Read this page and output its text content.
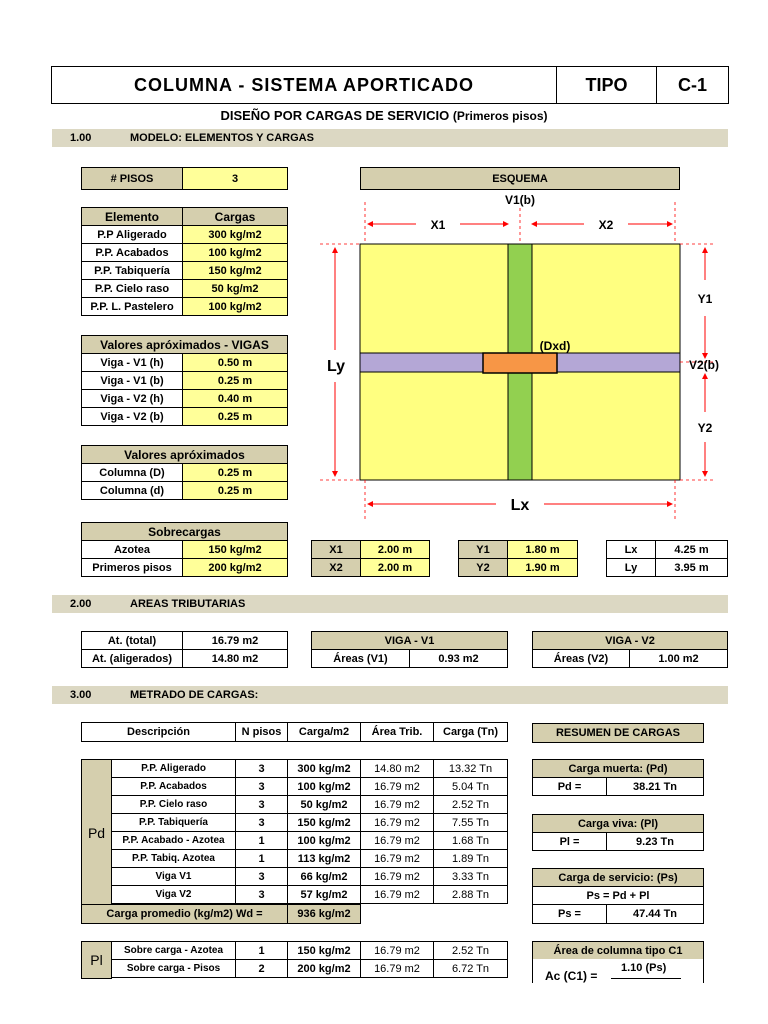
COLUMNA - SISTEMA APORTICADO	TIPO	C-1
DISEÑO POR CARGAS DE SERVICIO (Primeros pisos)
1.00	MODELO: ELEMENTOS Y CARGAS
# PISOS	3
Elemento	Cargas
P.P Aligerado	300 kg/m2
P.P. Acabados	100 kg/m2
P.P. Tabiquería	150 kg/m2
P.P. Cielo raso	50 kg/m2
P.P. L. Pastelero	100 kg/m2
Valores apróximados - VIGAS
Viga - V1 (h)	0.50 m
Viga - V1 (b)	0.25 m
Viga - V2 (h)	0.40 m
Viga - V2 (b)	0.25 m
Valores apróximados
Columna (D)	0.25 m
Columna (d)	0.25 m
Sobrecargas
Azotea	150 kg/m2
Primeros pisos	200 kg/m2
ESQUEMA
V1(b)
X1	X2
Y1
Y2
V2(b)
Ly
Lx
(Dxd)
X1	2.00 m
X2	2.00 m
Y1	1.80 m
Y2	1.90 m
Lx	4.25 m
Ly	3.95 m
2.00	AREAS TRIBUTARIAS
At. (total)	16.79 m2
At. (aligerados)	14.80 m2
VIGA - V1
Áreas (V1)	0.93 m2
VIGA - V2
Áreas (V2)	1.00 m2
3.00	METRADO DE CARGAS:
Descripción	N pisos	Carga/m2	Área Trib.	Carga (Tn)
Pd
P.P. Aligerado	3	300 kg/m2	14.80 m2	13.32 Tn
P.P. Acabados	3	100 kg/m2	16.79 m2	5.04 Tn
P.P. Cielo raso	3	50 kg/m2	16.79 m2	2.52 Tn
P.P. Tabiquería	3	150 kg/m2	16.79 m2	7.55 Tn
P.P. Acabado - Azotea	1	100 kg/m2	16.79 m2	1.68 Tn
P.P. Tabiq. Azotea	1	113 kg/m2	16.79 m2	1.89 Tn
Viga V1	3	66 kg/m2	16.79 m2	3.33 Tn
Viga V2	3	57 kg/m2	16.79 m2	2.88 Tn
Carga promedio (kg/m2) Wd =	936 kg/m2
Pl
Sobre carga - Azotea	1	150 kg/m2	16.79 m2	2.52 Tn
Sobre carga - Pisos	2	200 kg/m2	16.79 m2	6.72 Tn
RESUMEN DE CARGAS
Carga muerta: (Pd)
Pd =	38.21 Tn
Carga viva: (Pl)
Pl =	9.23 Tn
Carga de servicio: (Ps)
Ps = Pd + Pl
Ps =	47.44 Tn
Área de columna tipo C1
Ac (C1) =
1.10 (Ps)
